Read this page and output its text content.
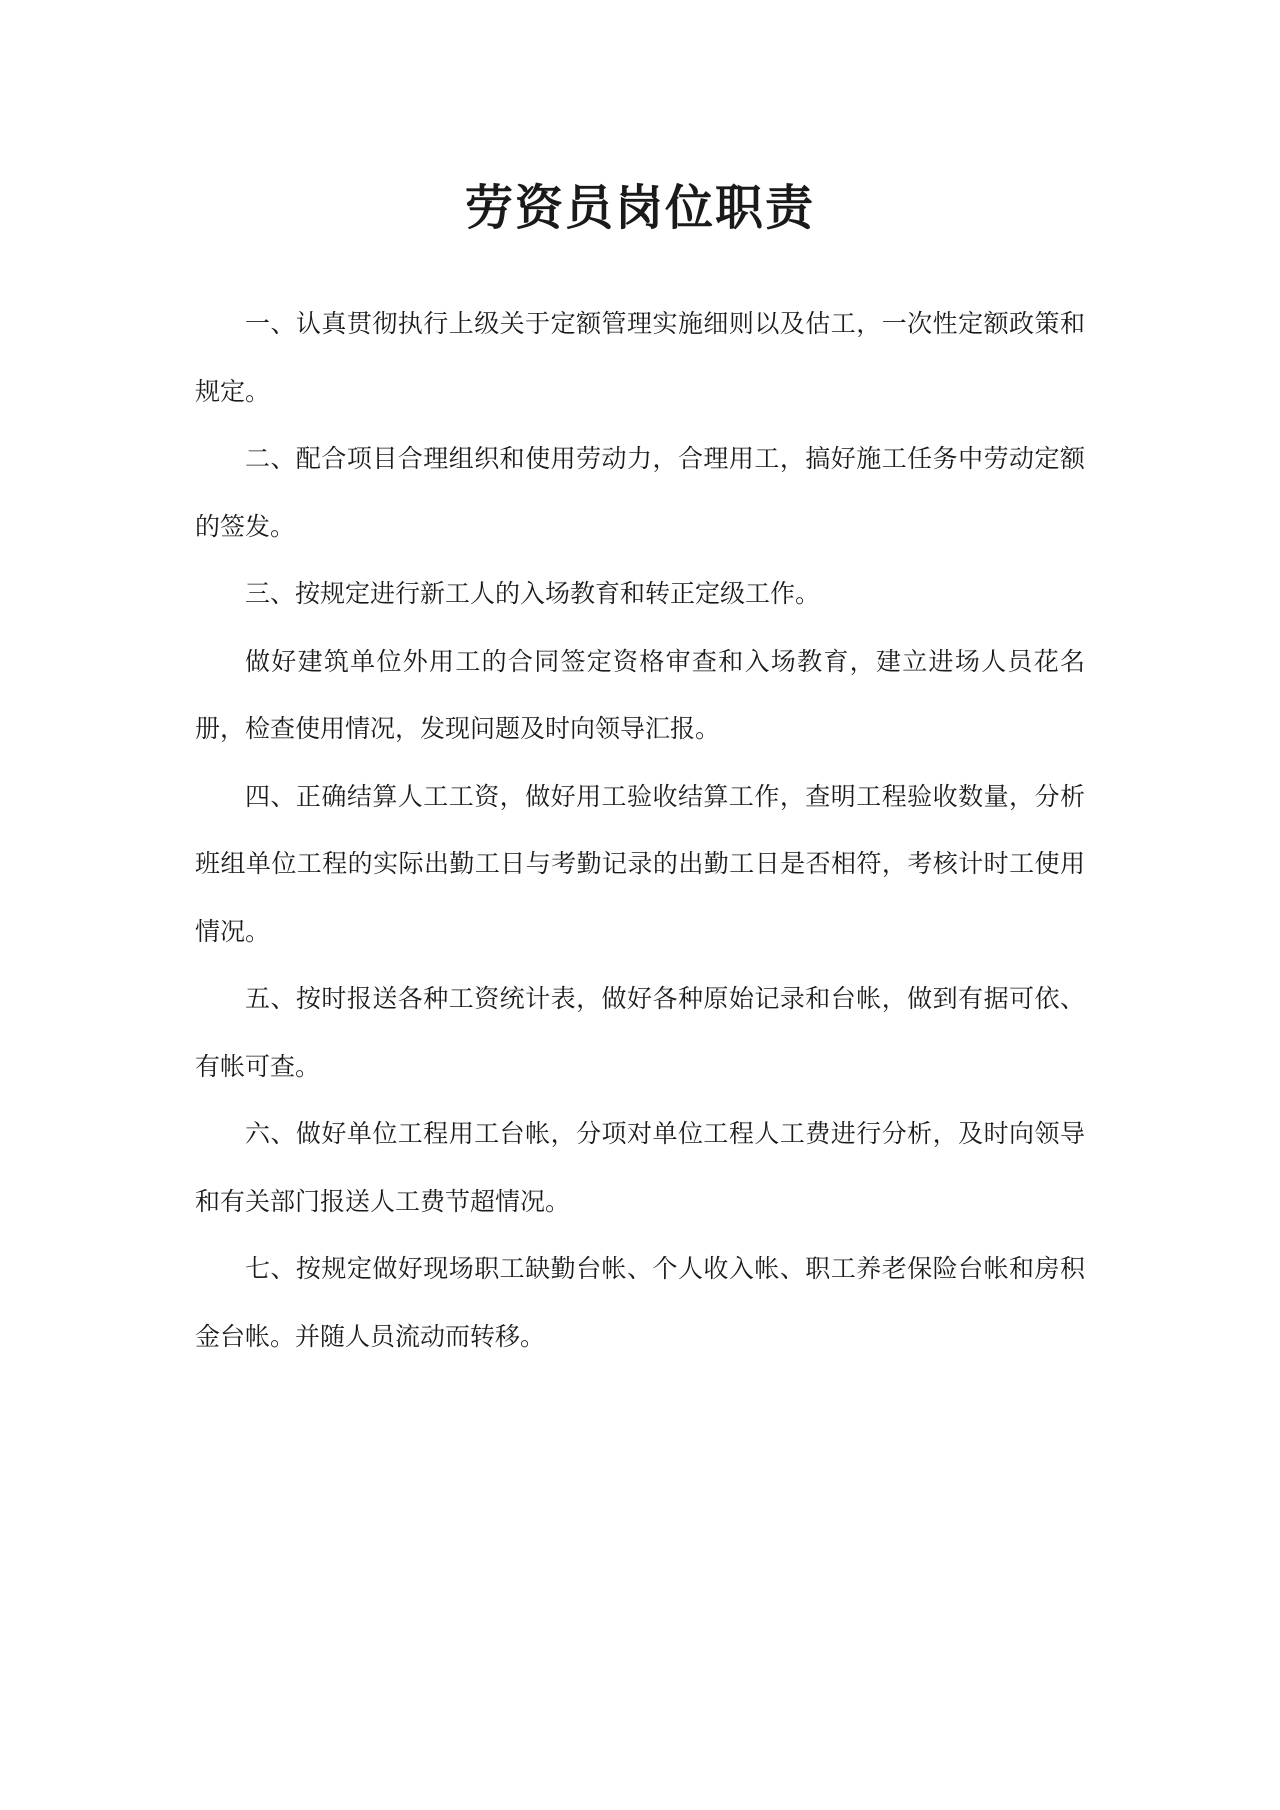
劳资员岗位职责

一、认真贯彻执行上级关于定额管理实施细则以及估工，一次性定额政策和规定。

二、配合项目合理组织和使用劳动力，合理用工，搞好施工任务中劳动定额的签发。

三、按规定进行新工人的入场教育和转正定级工作。

做好建筑单位外用工的合同签定资格审查和入场教育，建立进场人员花名册，检查使用情况，发现问题及时向领导汇报。

四、正确结算人工工资，做好用工验收结算工作，查明工程验收数量，分析班组单位工程的实际出勤工日与考勤记录的出勤工日是否相符，考核计时工使用情况。

五、按时报送各种工资统计表，做好各种原始记录和台帐，做到有据可依、有帐可查。

六、做好单位工程用工台帐，分项对单位工程人工费进行分析，及时向领导和有关部门报送人工费节超情况。

七、按规定做好现场职工缺勤台帐、个人收入帐、职工养老保险台帐和房积金台帐。并随人员流动而转移。
